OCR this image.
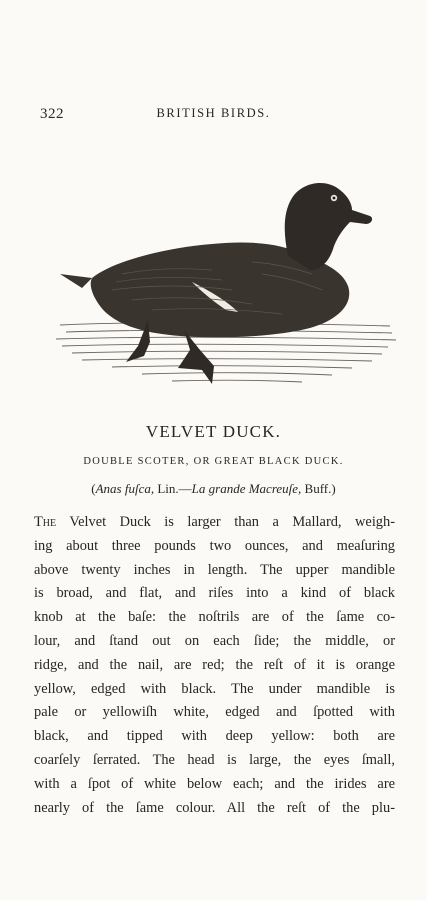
322	BRITISH BIRDS.
VELVET DUCK.
DOUBLE SCOTER, OR GREAT BLACK DUCK.
(Anas fuſca, Lin.—La grande Macreuſe, Buff.)
The Velvet Duck is larger than a Mallard, weigh-
ing about three pounds two ounces, and meaſuring
above twenty inches in length. The upper mandible
is broad, and flat, and riſes into a kind of black
knob at the baſe: the noſtrils are of the ſame co-
lour, and ſtand out on each ſide; the middle, or
ridge, and the nail, are red; the reſt of it is orange
yellow, edged with black. The under mandible is
pale or yellowiſh white, edged and ſpotted with
black, and tipped with deep yellow: both are
coarſely ſerrated. The head is large, the eyes ſmall,
with a ſpot of white below each; and the irides are
nearly of the ſame colour. All the reſt of the plu-
